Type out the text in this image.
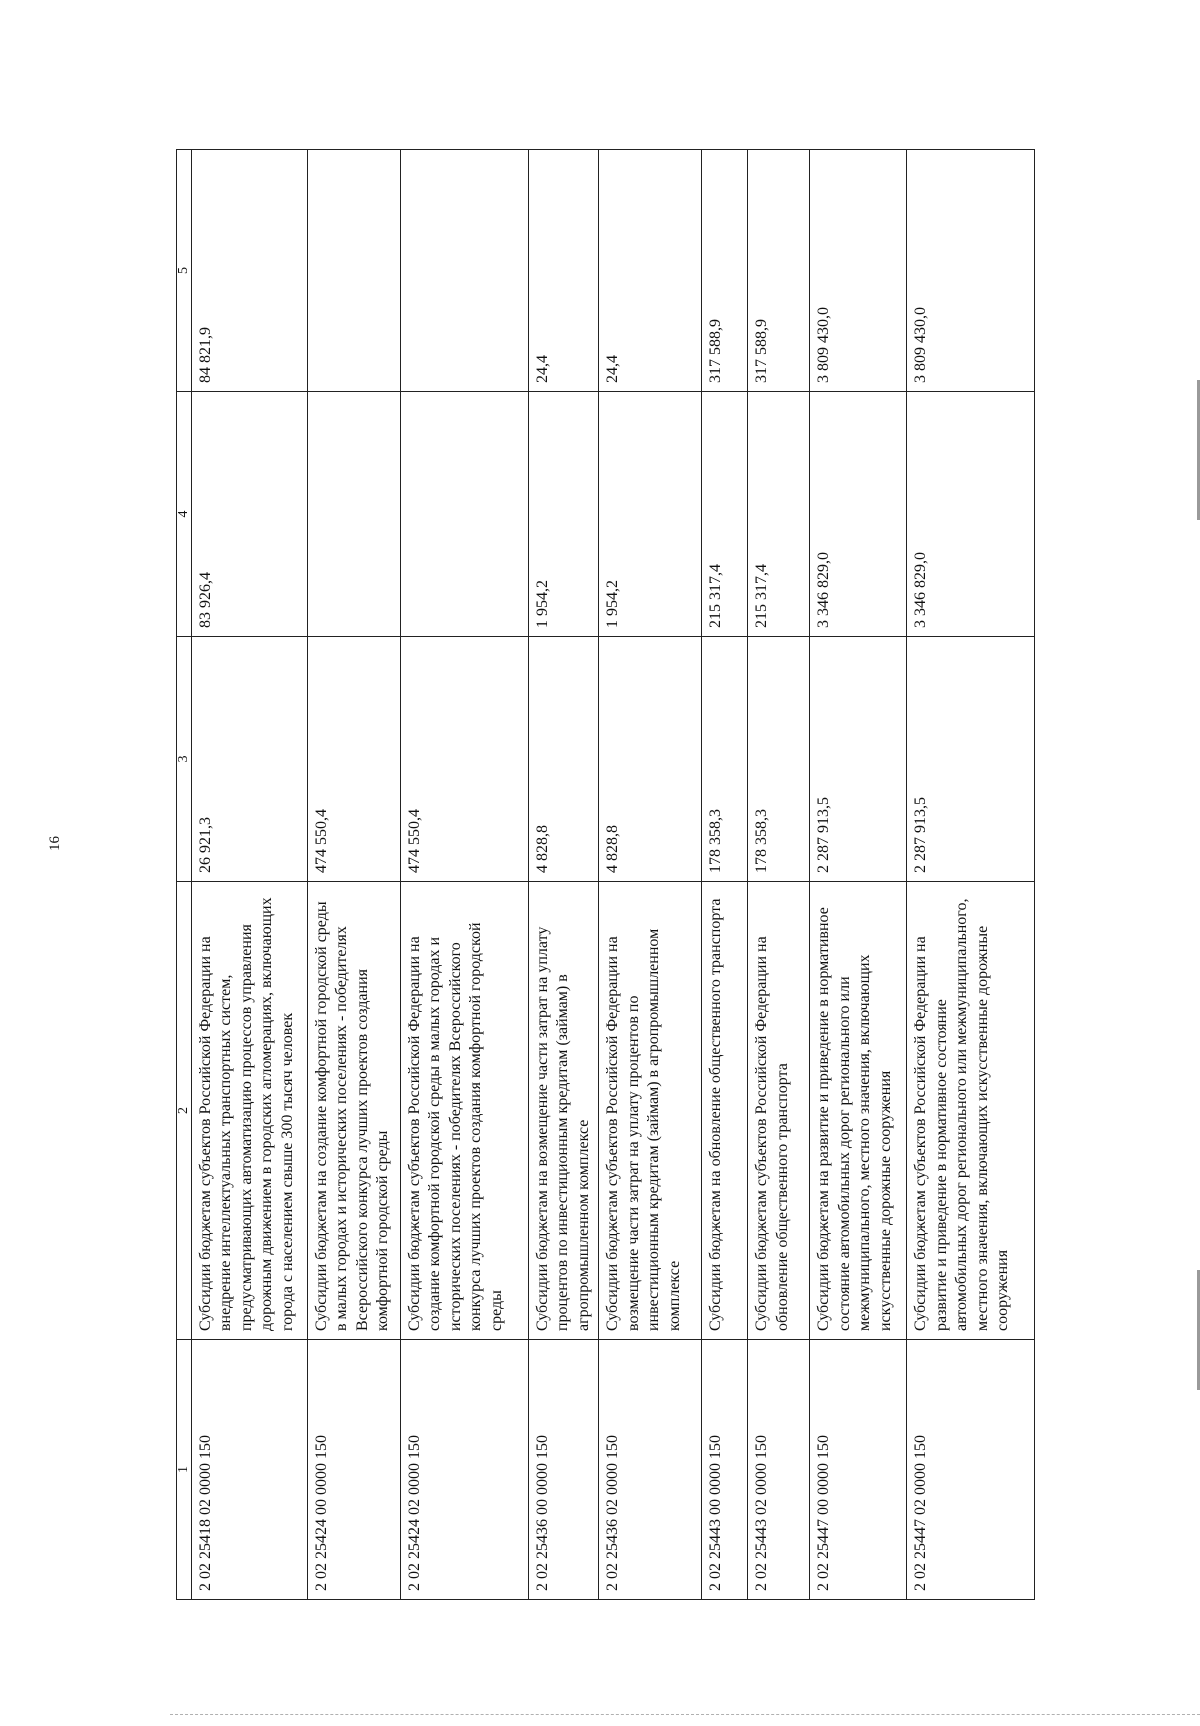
16
1	2	3	4	5
2 02 25418 02 0000 150	Субсидии бюджетам субъектов Российской Федерации на внедрение интеллектуальных транспортных систем, предусматривающих автоматизацию процессов управления дорожным движением в городских агломерациях, включающих города с населением свыше 300 тысяч человек	26 921,3	83 926,4	84 821,9
2 02 25424 00 0000 150	Субсидии бюджетам на создание комфортной городской среды в малых городах и исторических поселениях - победителях Всероссийского конкурса лучших проектов создания комфортной городской среды	474 550,4		
2 02 25424 02 0000 150	Субсидии бюджетам субъектов Российской Федерации на создание комфортной городской среды в малых городах и исторических поселениях - победителях Всероссийского конкурса лучших проектов создания комфортной городской среды	474 550,4		
2 02 25436 00 0000 150	Субсидии бюджетам на возмещение части затрат на уплату процентов по инвестиционным кредитам (займам) в агропромышленном комплексе	4 828,8	1 954,2	24,4
2 02 25436 02 0000 150	Субсидии бюджетам субъектов Российской Федерации на возмещение части затрат на уплату процентов по инвестиционным кредитам (займам) в агропромышленном комплексе	4 828,8	1 954,2	24,4
2 02 25443 00 0000 150	Субсидии бюджетам на обновление общественного транспорта	178 358,3	215 317,4	317 588,9
2 02 25443 02 0000 150	Субсидии бюджетам субъектов Российской Федерации на обновление общественного транспорта	178 358,3	215 317,4	317 588,9
2 02 25447 00 0000 150	Субсидии бюджетам на развитие и приведение в нормативное состояние автомобильных дорог регионального или межмуниципального, местного значения, включающих искусственные дорожные сооружения	2 287 913,5	3 346 829,0	3 809 430,0
2 02 25447 02 0000 150	Субсидии бюджетам субъектов Российской Федерации на развитие и приведение в нормативное состояние автомобильных дорог регионального или межмуниципального, местного значения, включающих искусственные дорожные сооружения	2 287 913,5	3 346 829,0	3 809 430,0
